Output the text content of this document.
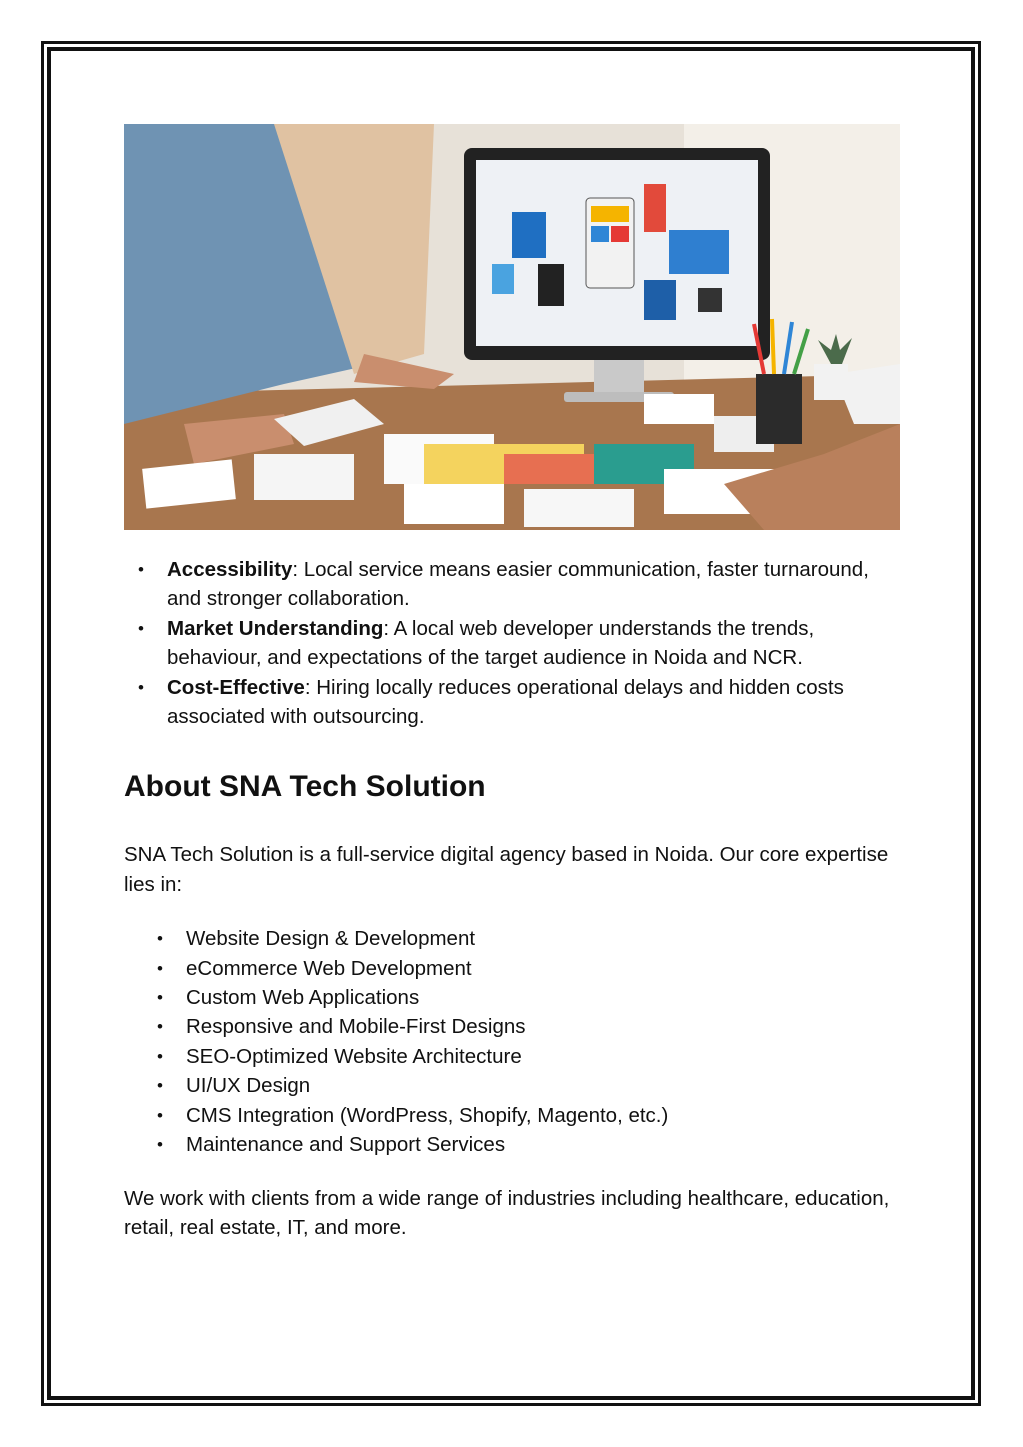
• Accessibility: Local service means easier communication, faster turnaround, and stronger collaboration.
• Market Understanding: A local web developer understands the trends, behaviour, and expectations of the target audience in Noida and NCR.
• Cost-Effective: Hiring locally reduces operational delays and hidden costs associated with outsourcing.
About SNA Tech Solution

SNA Tech Solution is a full-service digital agency based in Noida. Our core expertise lies in:

• Website Design & Development
• eCommerce Web Development
• Custom Web Applications
• Responsive and Mobile-First Designs
• SEO-Optimized Website Architecture
• UI/UX Design
• CMS Integration (WordPress, Shopify, Magento, etc.)
• Maintenance and Support Services

We work with clients from a wide range of industries including healthcare, education, retail, real estate, IT, and more.
